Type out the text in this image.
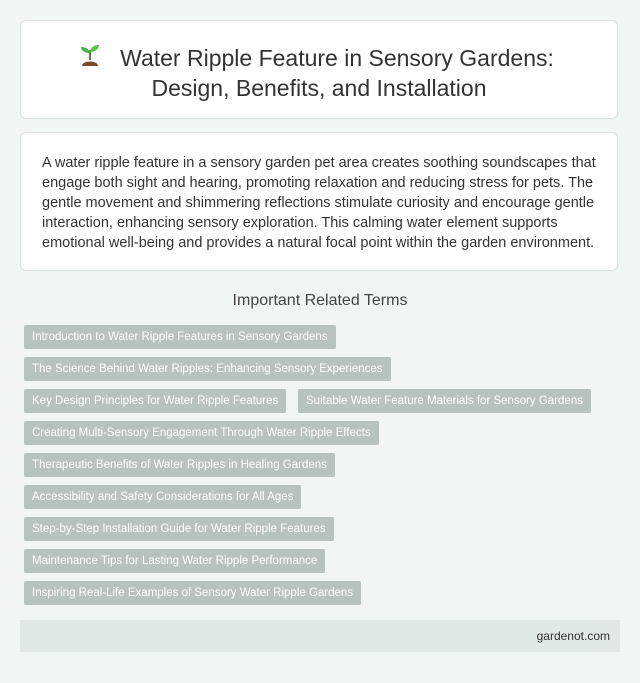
Water Ripple Feature in Sensory Gardens:
Design, Benefits, and Installation
A water ripple feature in a sensory garden pet area creates soothing soundscapes that engage both sight and hearing, promoting relaxation and reducing stress for pets. The gentle movement and shimmering reflections stimulate curiosity and encourage gentle interaction, enhancing sensory exploration. This calming water element supports emotional well-being and provides a natural focal point within the garden environment.
Important Related Terms
Introduction to Water Ripple Features in Sensory Gardens
The Science Behind Water Ripples: Enhancing Sensory Experiences
Key Design Principles for Water Ripple Features	Suitable Water Feature Materials for Sensory Gardens
Creating Multi-Sensory Engagement Through Water Ripple Effects
Therapeutic Benefits of Water Ripples in Healing Gardens
Accessibility and Safety Considerations for All Ages
Step-by-Step Installation Guide for Water Ripple Features
Maintenance Tips for Lasting Water Ripple Performance
Inspiring Real-Life Examples of Sensory Water Ripple Gardens
gardenot.com
